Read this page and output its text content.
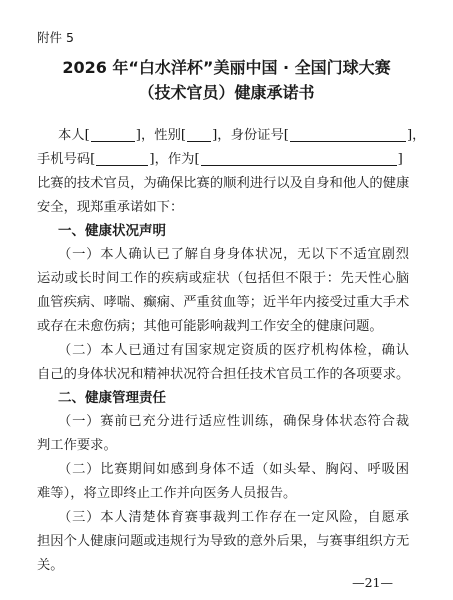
附件 5
2026 年“白水洋杯”美丽中国 · 全国门球大赛
（技术官员）健康承诺书
本人[	]，性别[ ]，身份证号[	]，
手机号码[	]，作为[	]
比赛的技术官员，为确保比赛的顺利进行以及自身和他人的健康
安全，现郑重承诺如下：
一、健康状况声明
（一）本人确认已了解自身身体状况，无以下不适宜剧烈
运动或长时间工作的疾病或症状（包括但不限于：先天性心脑
血管疾病、哮喘、癫痫、严重贫血等；近半年内接受过重大手术
或存在未愈伤病；其他可能影响裁判工作安全的健康问题。
（二）本人已通过有国家规定资质的医疗机构体检，确认
自己的身体状况和精神状况符合担任技术官员工作的各项要求。
二、健康管理责任
（一）赛前已充分进行适应性训练，确保身体状态符合裁
判工作要求。
（二）比赛期间如感到身体不适（如头晕、胸闷、呼吸困
难等），将立即终止工作并向医务人员报告。
（三）本人清楚体育赛事裁判工作存在一定风险，自愿承
担因个人健康问题或违规行为导致的意外后果，与赛事组织方无
关。
—21—
